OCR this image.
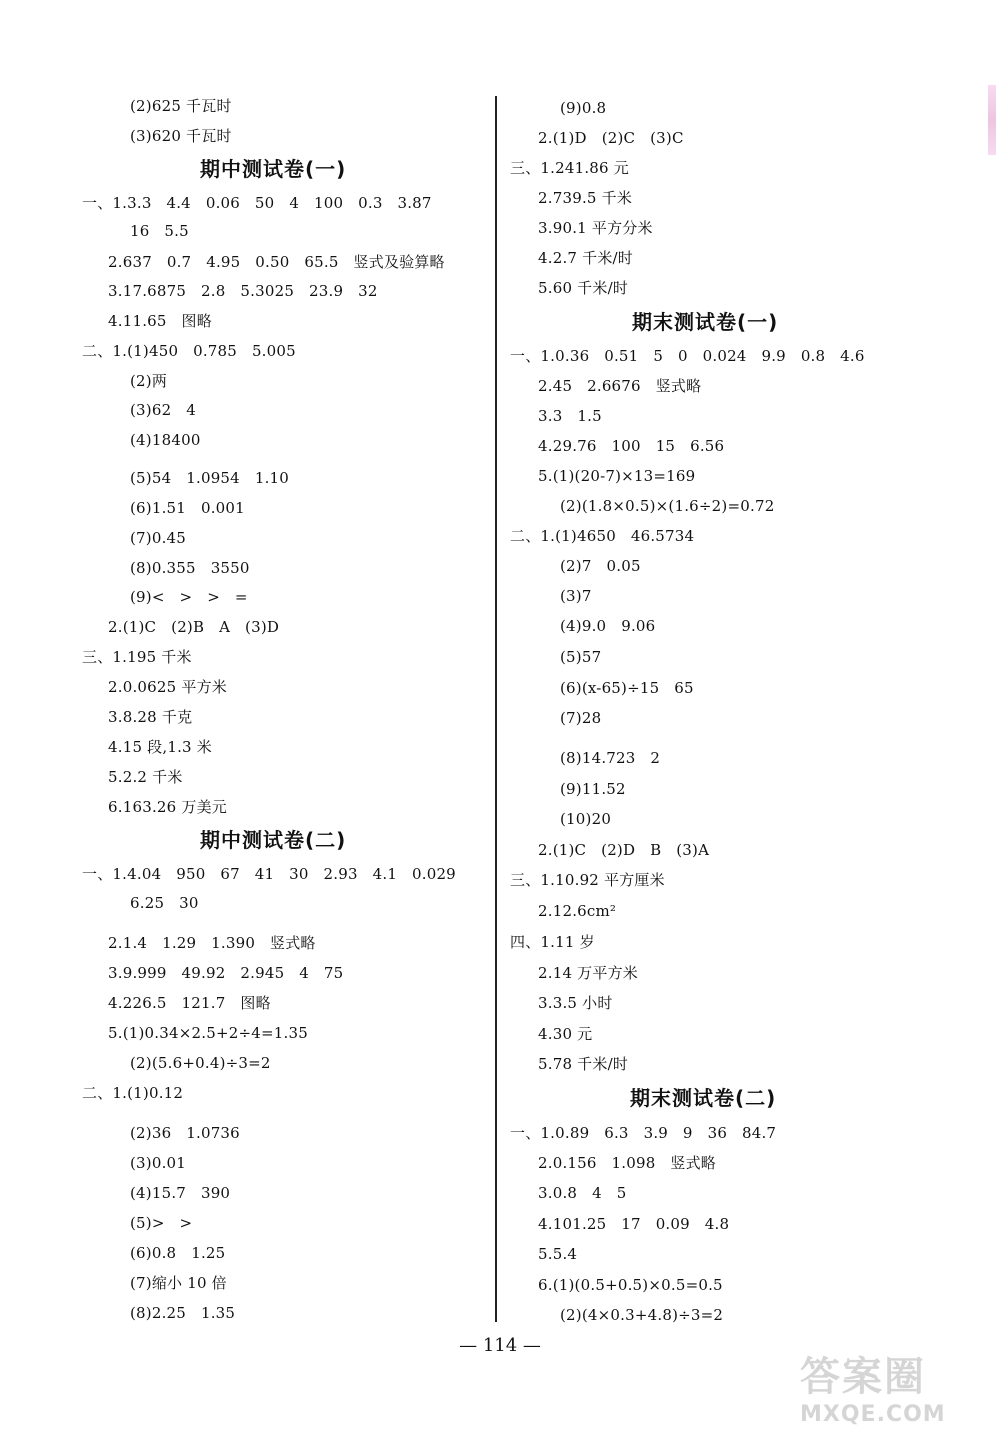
(2)625 千瓦时
(3)620 千瓦时
期中测试卷(一)
一、1.3.3   4.4   0.06   50   4   100   0.3   3.87
16   5.5
2.637   0.7   4.95   0.50   65.5   竖式及验算略
3.17.6875   2.8   5.3025   23.9   32
4.11.65   图略
二、1.(1)450   0.785   5.005
(2)两
(3)62   4
(4)18400
(5)54   1.0954   1.10
(6)1.51   0.001
(7)0.45
(8)0.355   3550
(9)<   >   >   =
2.(1)C   (2)B   A   (3)D
三、1.195 千米
2.0.0625 平方米
3.8.28 千克
4.15 段,1.3 米
5.2.2 千米
6.163.26 万美元
期中测试卷(二)
一、1.4.04   950   67   41   30   2.93   4.1   0.029
6.25   30
2.1.4   1.29   1.390   竖式略
3.9.999   49.92   2.945   4   75
4.226.5   121.7   图略
5.(1)0.34×2.5+2÷4=1.35
(2)(5.6+0.4)÷3=2
二、1.(1)0.12
(2)36   1.0736
(3)0.01
(4)15.7   390
(5)>   >
(6)0.8   1.25
(7)缩小 10 倍
(8)2.25   1.35
(9)0.8
2.(1)D   (2)C   (3)C
三、1.241.86 元
2.739.5 千米
3.90.1 平方分米
4.2.7 千米/时
5.60 千米/时
期末测试卷(一)
一、1.0.36   0.51   5   0   0.024   9.9   0.8   4.6
2.45   2.6676   竖式略
3.3   1.5
4.29.76   100   15   6.56
5.(1)(20-7)×13=169
(2)(1.8×0.5)×(1.6÷2)=0.72
二、1.(1)4650   46.5734
(2)7   0.05
(3)7
(4)9.0   9.06
(5)57
(6)(x-65)÷15   65
(7)28
(8)14.723   2
(9)11.52
(10)20
2.(1)C   (2)D   B   (3)A
三、1.10.92 平方厘米
2.12.6cm²
四、1.11 岁
2.14 万平方米
3.3.5 小时
4.30 元
5.78 千米/时
期末测试卷(二)
一、1.0.89   6.3   3.9   9   36   84.7
2.0.156   1.098   竖式略
3.0.8   4   5
4.101.25   17   0.09   4.8
5.5.4
6.(1)(0.5+0.5)×0.5=0.5
(2)(4×0.3+4.8)÷3=2
— 114 —
答案圈
MXQE.COM
